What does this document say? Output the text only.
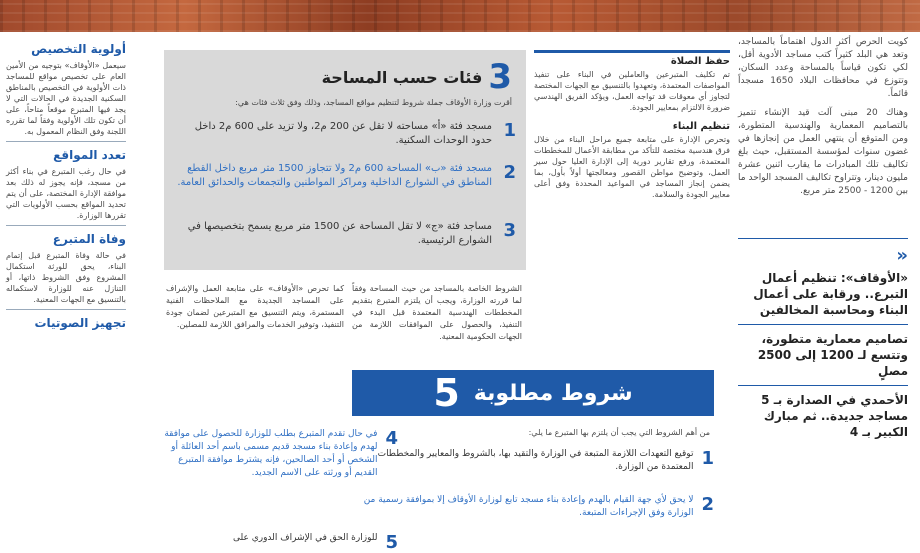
كويت الحرص أكثر الدول اهتماماً بالمساجد، وتعد هي البلد كثيراً كتب مساجد الأدوية أقل، لكي تكون قياساً بالمساحة وعدد السكان، وتتوزع في محافظات البلاد 1650 مسجداً قائماً.
وهناك 20 مبنى آلت قيد الإنشاء تتميز بالتصاميم المعمارية والهندسية المتطورة، ومن المتوقع أن ينتهي العمل من إنجازها في غضون سنوات لمؤسسة المستقبل، حيث بلغ تكاليف تلك المبادرات ما يقارب اثنين عشرة مليون دينار، وتتراوح تكاليف المسجد الواحد ما بين 1200 - 2500 متر مربع.
«
«الأوقاف»: تنظيم أعمال التبرع.. ورقابة على أعمال البناء ومحاسبة المخالفين
تصاميم معمارية متطورة، وتتسع لـ 1200 إلى 2500 مصلٍ
الأحمدي في الصدارة بـ 5 مساجد جديدة.. ثم مبارك الكبير بـ 4
حفظ الصلاة
تم تكليف المتبرعين والعاملين في البناء على تنفيذ المواصفات المعتمدة، وتعهدوا بالتنسيق مع الجهات المختصة لتجاوز أي معوقات قد تواجه العمل، ويؤكد الفريق الهندسي ضرورة الالتزام بمعايير الجودة.
تنظيم البناء
وتحرص الإدارة على متابعة جميع مراحل البناء من خلال فرق هندسية مختصة للتأكد من مطابقة الأعمال للمخططات المعتمدة، ورفع تقارير دورية إلى الإدارة العليا حول سير العمل، وتوضيح مواطن القصور ومعالجتها أولاً بأول، بما يضمن إنجاز المساجد في المواعيد المحددة وفق أعلى معايير الجودة والسلامة.
3
فئات حسب المساحة
أقرت وزارة الأوقاف جملة شروط لتنظيم مواقع المساجد، وذلك وفق ثلاث فئات هي:
1
مسجد فئة «أ» مساحته لا تقل عن 200 م2، ولا تزيد على 600 م2 داخل حدود الوحدات السكنية.
2
مسجد فئة «ب» المساحة 600 م2 ولا تتجاوز 1500 متر مربع داخل القطع المناطق في الشوارع الداخلية ومراكز المواطنين والتجمعات والحدائق العامة.
3
مساجد فئة «ج» لا تقل المساحة عن 1500 متر مربع يسمح بتخصيصها في الشوارع الرئيسية.
الشروط الخاصة بالمساجد من حيث المساحة وفقاً لما قررته الوزارة، ويجب أن يلتزم المتبرع بتقديم المخططات الهندسية المعتمدة قبل البدء في التنفيذ، والحصول على الموافقات اللازمة من الجهات الحكومية المعنية.
كما تحرص «الأوقاف» على متابعة العمل والإشراف على المساجد الجديدة مع الملاحظات الفنية المستمرة، ويتم التنسيق مع المتبرعين لضمان جودة التنفيذ، وتوفير الخدمات والمرافق اللازمة للمصلين.
أولوية التخصيص
سيعمل «الأوقاف» بتوجيه من الأمين العام على تخصيص مواقع للمساجد ذات الأولوية في التخصيص بالمناطق السكنية الجديدة في الحالات التي لا يجد فيها المتبرع موقعاً متاحاً، على أن تكون تلك الأولوية وفقاً لما تقرره اللجنة وفق النظام المعمول به.
تعدد المواقع
في حال رغب المتبرع في بناء أكثر من مسجد، فإنه يجوز له ذلك بعد موافقة الإدارة المختصة، على أن يتم تحديد المواقع بحسب الأولويات التي تقررها الوزارة.
وفاة المتبرع
في حالة وفاة المتبرع قبل إتمام البناء، يحق للورثة استكمال المشروع وفق الشروط ذاتها، أو التنازل عنه للوزارة لاستكماله بالتنسيق مع الجهات المعنية.
تجهيز الصوتيات
شروط مطلوبة
5
من أهم الشروط التي يجب أن يلتزم بها المتبرع ما يلي:
1
توقيع التعهدات اللازمة المتبعة في الوزارة والتقيد بها، بالشروط والمعايير والمخططات المعتمدة من الوزارة.
2
لا يحق لأي جهة القيام بالهدم وإعادة بناء مسجد تابع لوزارة الأوقاف إلا بموافقة رسمية من الوزارة وفق الإجراءات المتبعة.
4
في حال تقدم المتبرع بطلب للوزارة للحصول على موافقة لهدم وإعادة بناء مسجد قديم مسمى باسم أحد العائلة أو الشخص أو أحد الصالحين، فإنه يشترط موافقة المتبرع القديم أو ورثته على الاسم الجديد.
5
للوزارة الحق في الإشراف الدوري على
